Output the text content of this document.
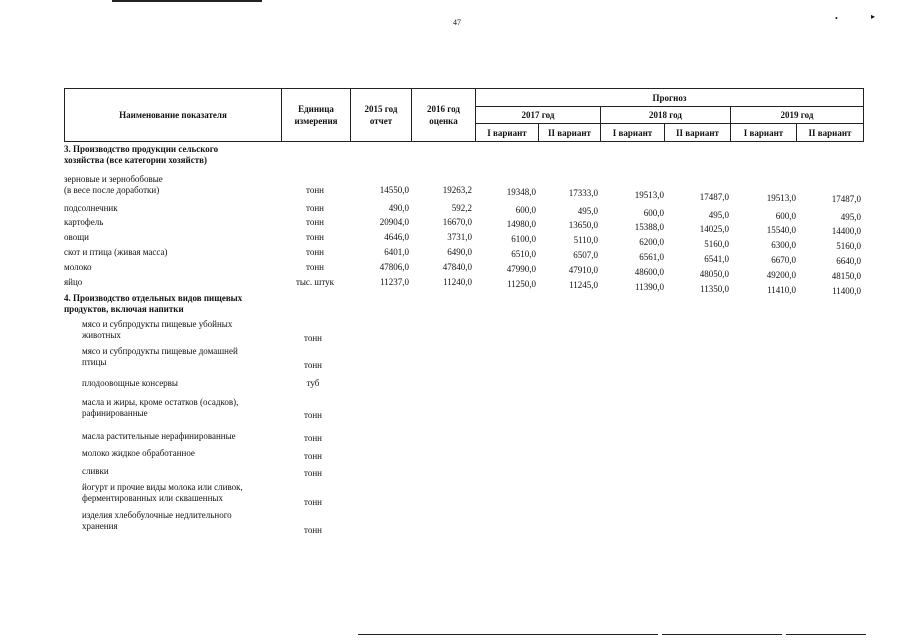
47	•	▸
Наименование показателя
Единица измерения
2015 год отчет
2016 год оценка
Прогноз
2017 год	2018 год	2019 год
I вариант II вариант I вариант	II вариант	I вариант	II вариант
3. Производство продукции сельского
хозяйства (все категории хозяйств)
зерновые и зернобобовые
(в весе после доработки)	тонн	14550,0	19263,2	19348,0	17333,0	19513,0	17487,0	19513,0	17487,0
подсолнечник	тонн	490,0	592,2	600,0	495,0	600,0	495,0	600,0	495,0
картофель	тонн	20904,0	16670,0	14980,0	13650,0	15388,0	14025,0	15540,0	14400,0
овощи	тонн	4646,0	3731,0	6100,0	5110,0	6200,0	5160,0	6300,0	5160,0
скот и птица (живая масса)	тонн	6401,0	6490,0	6510,0	6507,0	6561,0	6541,0	6670,0	6640,0
молоко	тонн	47806,0	47840,0	47990,0	47910,0	48600,0	48050,0	49200,0	48150,0
яйцо	тыс. штук	11237,0	11240,0	11250,0	11245,0	11390,0	11350,0	11410,0	11400,0
4. Производство отдельных видов пищевых
продуктов, включая напитки
мясо и субпродукты пищевые убойных
животных	тонн
мясо и субпродукты пищевые домашней
птицы	тонн
плодоовощные консервы	туб
масла и жиры, кроме остатков (осадков),
рафинированные	тонн
масла растительные нерафинированные	тонн
молоко жидкое обработанное	тонн
сливки	тонн
йогурт и прочие виды молока или сливок,
ферментированных или сквашенных	тонн
изделия хлебобулочные недлительного
хранения	тонн
